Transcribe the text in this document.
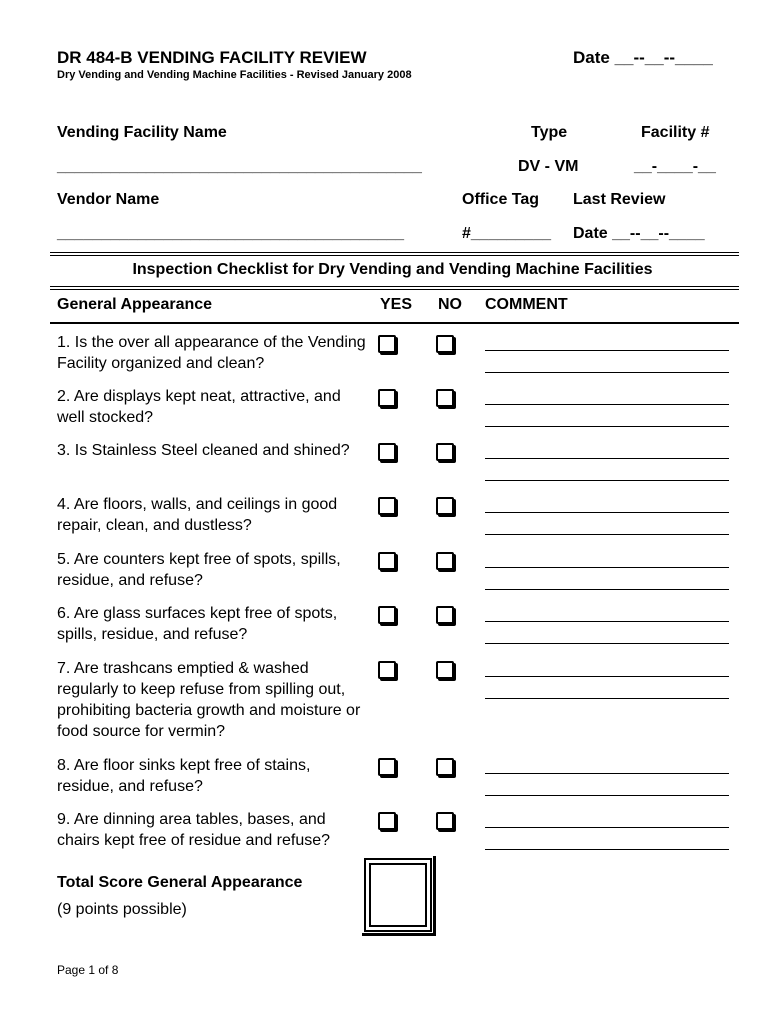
DR 484-B VENDING FACILITY REVIEW	Date __--__--____
Dry Vending and Vending Machine Facilities - Revised January 2008
Vending Facility Name	Type	Facility #
_________________________________________	DV - VM	__-____-__
Vendor Name	Office Tag Last Review
_______________________________________	#_________ Date __--__--____
Inspection Checklist for Dry Vending and Vending Machine Facilities
General Appearance	YES NO COMMENT
1. Is the over all appearance of the Vending Facility organized and clean?
2. Are displays kept neat, attractive, and well stocked?
3. Is Stainless Steel cleaned and shined?
4. Are floors, walls, and ceilings in good repair, clean, and dustless?
5. Are counters kept free of spots, spills, residue, and refuse?
6. Are glass surfaces kept free of spots, spills, residue, and refuse?
7. Are trashcans emptied & washed regularly to keep refuse from spilling out, prohibiting bacteria growth and moisture or food source for vermin?
8. Are floor sinks kept free of stains, residue, and refuse?
9. Are dinning area tables, bases, and chairs kept free of residue and refuse?
Total Score General Appearance
(9 points possible)
Page 1 of 8
